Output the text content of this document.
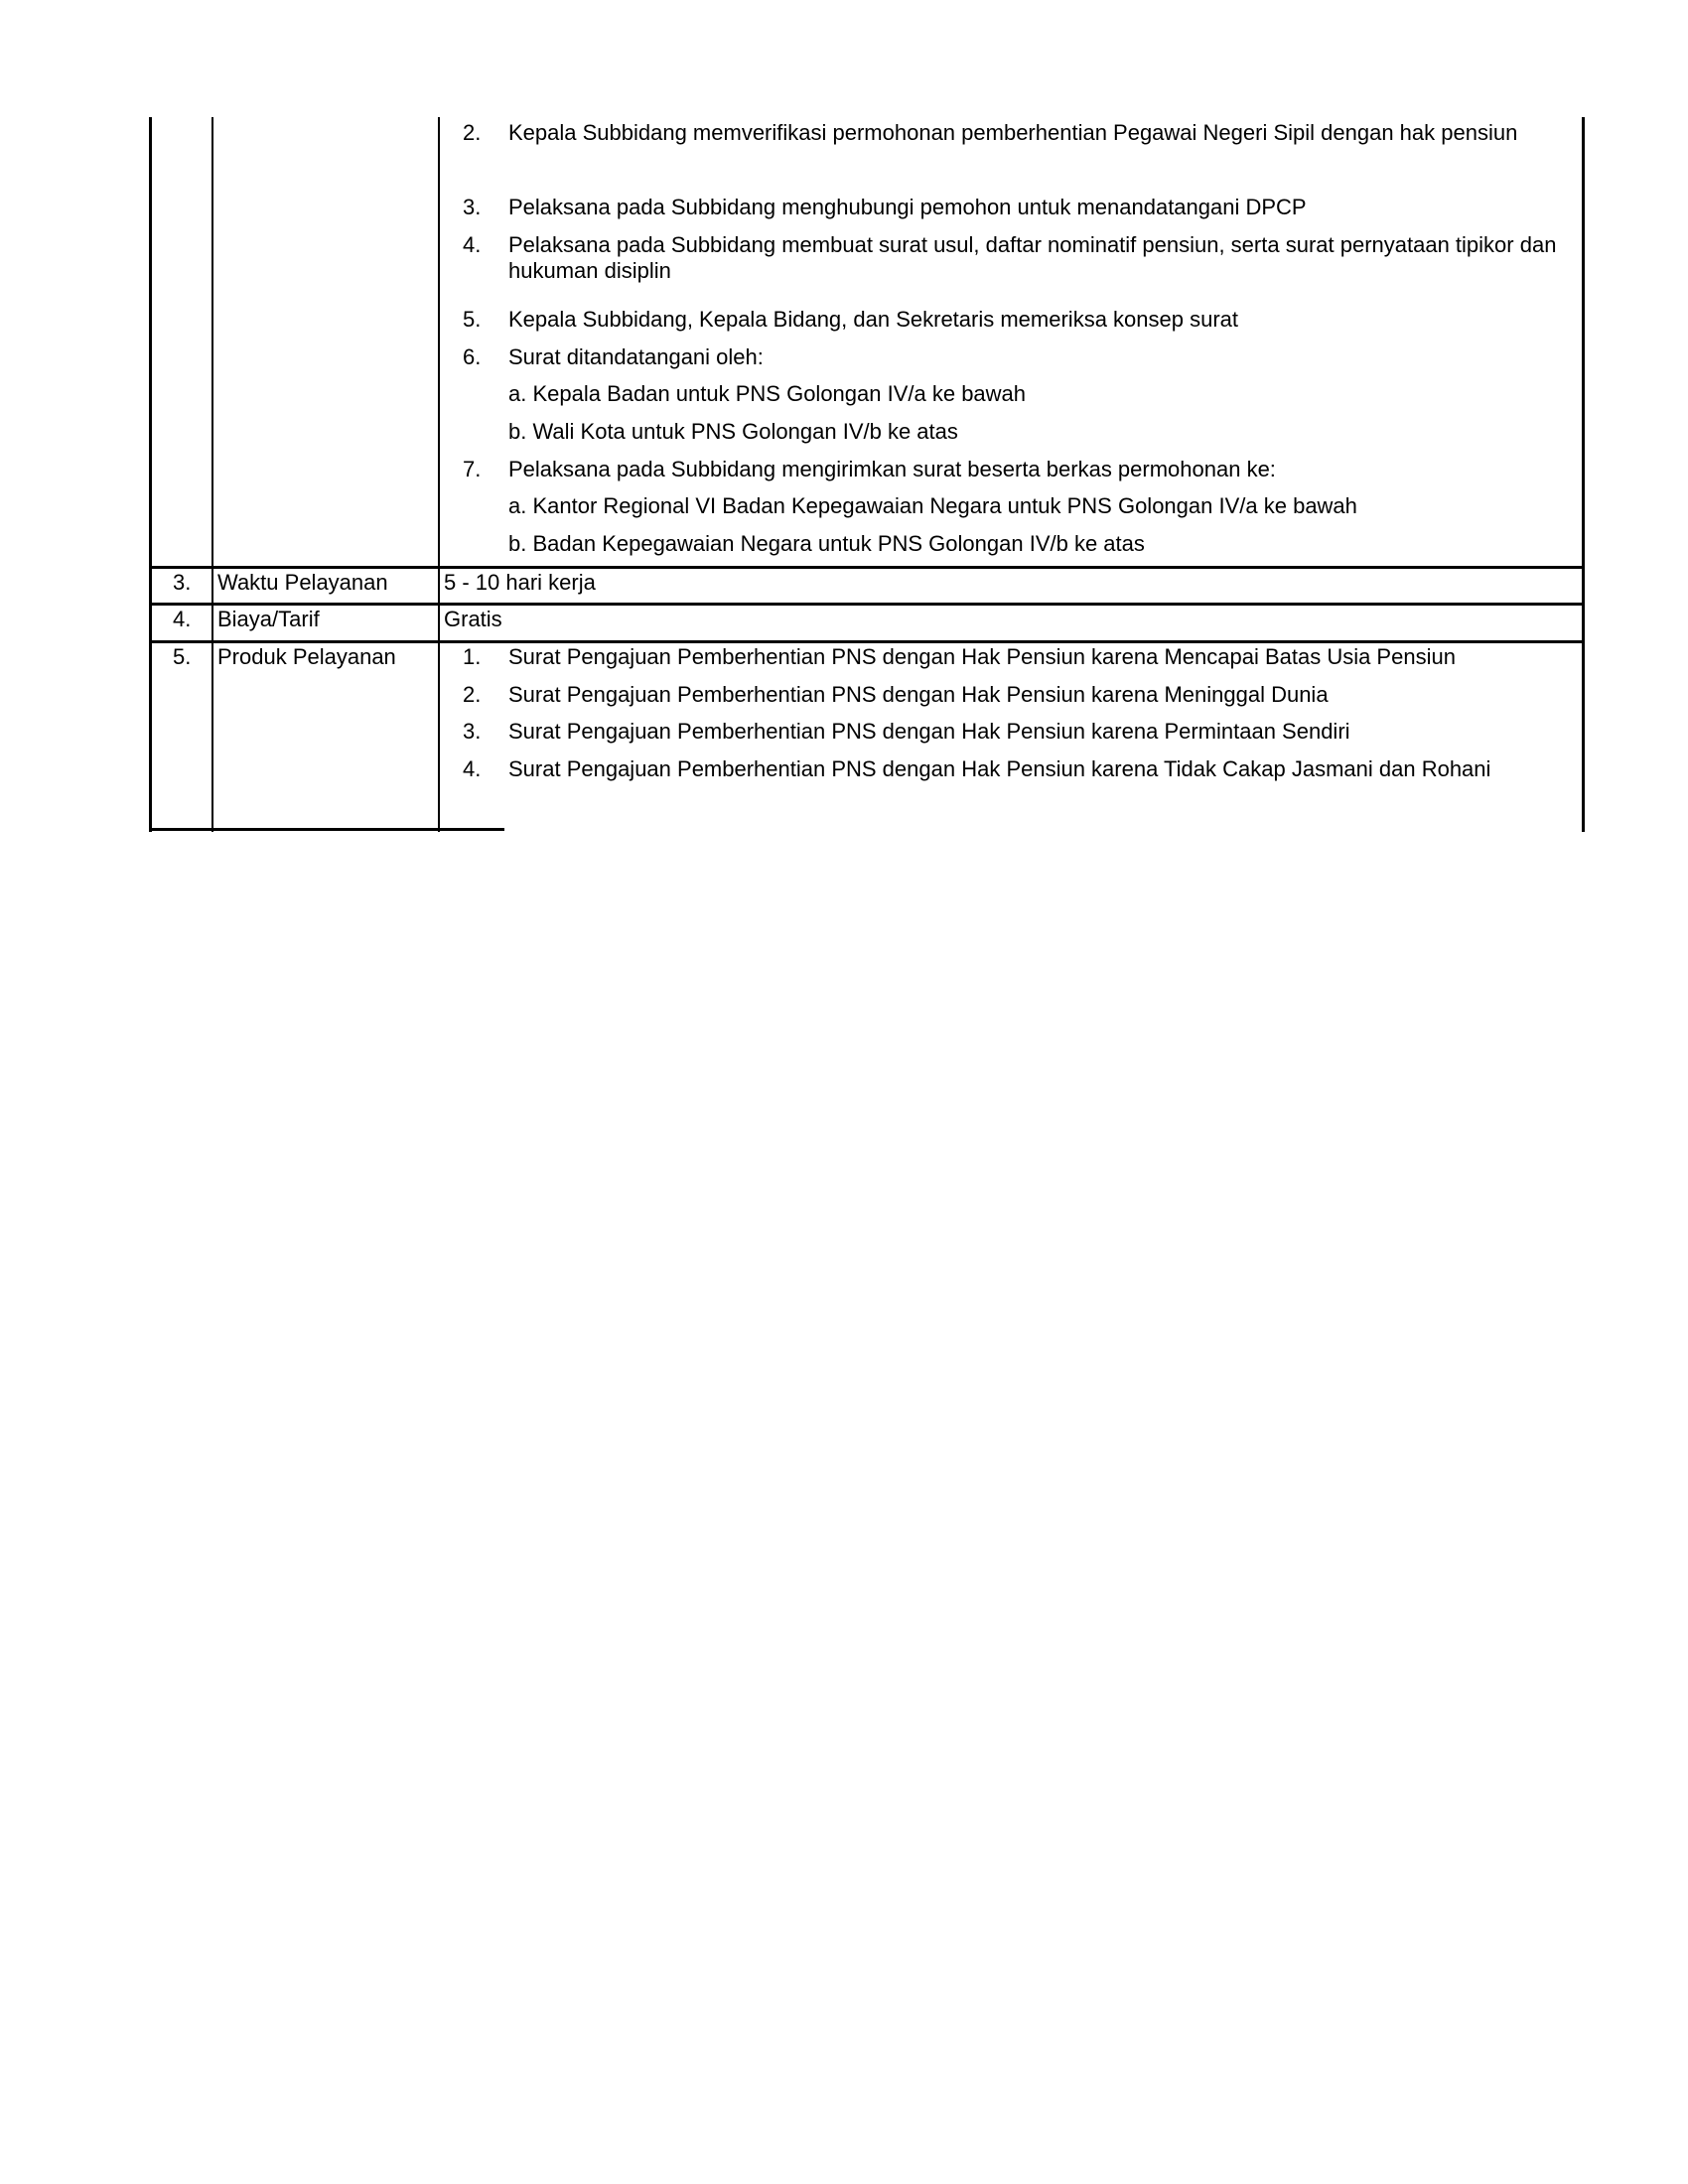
2. Kepala Subbidang memverifikasi permohonan pemberhentian Pegawai Negeri Sipil dengan hak pensiun
3. Pelaksana pada Subbidang menghubungi pemohon untuk menandatangani DPCP
4. Pelaksana pada Subbidang membuat surat usul, daftar nominatif pensiun, serta surat pernyataan tipikor dan hukuman disiplin
5. Kepala Subbidang, Kepala Bidang, dan Sekretaris memeriksa konsep surat
6. Surat ditandatangani oleh:
a. Kepala Badan untuk PNS Golongan IV/a ke bawah
b. Wali Kota untuk PNS Golongan IV/b ke atas
7. Pelaksana pada Subbidang mengirimkan surat beserta berkas permohonan ke:
a. Kantor Regional VI Badan Kepegawaian Negara untuk PNS Golongan IV/a ke bawah
b. Badan Kepegawaian Negara untuk PNS Golongan IV/b ke atas
3. Waktu Pelayanan	5 - 10 hari kerja
4. Biaya/Tarif	Gratis
5. Produk Pelayanan	1. Surat Pengajuan Pemberhentian PNS dengan Hak Pensiun karena Mencapai Batas Usia Pensiun
2. Surat Pengajuan Pemberhentian PNS dengan Hak Pensiun karena Meninggal Dunia
3. Surat Pengajuan Pemberhentian PNS dengan Hak Pensiun karena Permintaan Sendiri
4. Surat Pengajuan Pemberhentian PNS dengan Hak Pensiun karena Tidak Cakap Jasmani dan Rohani
